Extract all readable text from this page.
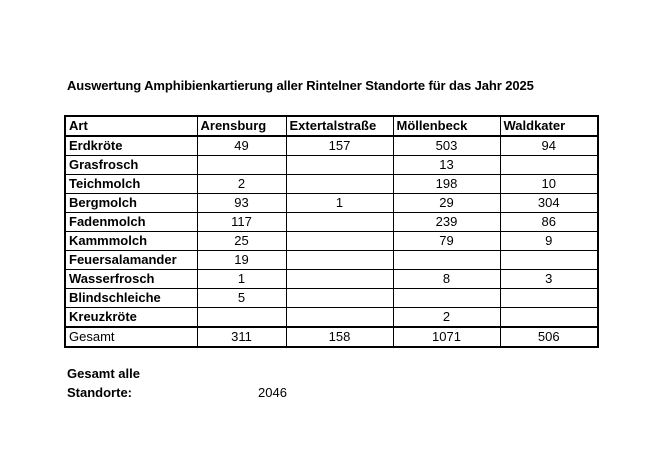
Auswertung Amphibienkartierung aller Rintelner Standorte für das Jahr 2025
Art	Arensburg	Extertalstraße	Möllenbeck	Waldkater
Erdkröte	49	157	503	94
Grasfrosch			13	
Teichmolch	2		198	10
Bergmolch	93	1	29	304
Fadenmolch	117		239	86
Kammmolch	25		79	9
Feuersalamander	19			
Wasserfrosch	1		8	3
Blindschleiche	5			
Kreuzkröte			2	
Gesamt	311	158	1071	506
Gesamt alle
Standorte:	2046
